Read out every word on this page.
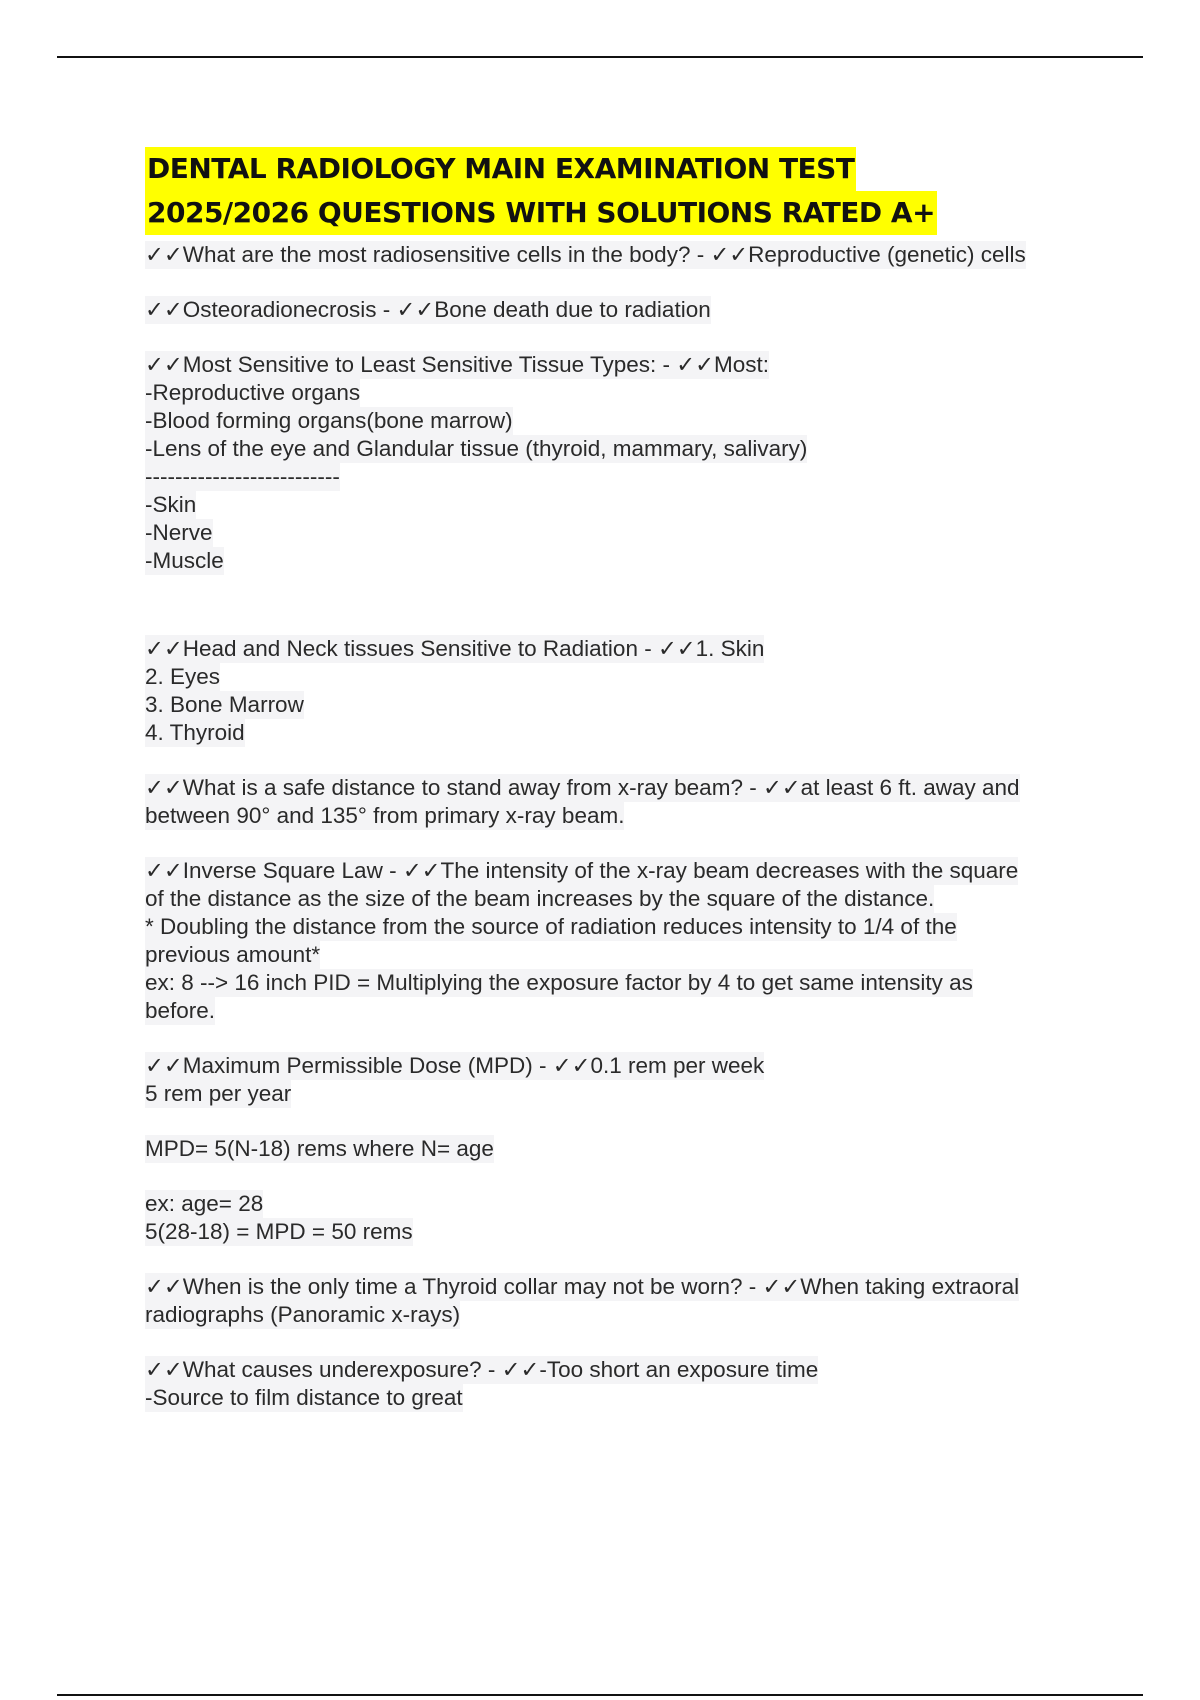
DENTAL RADIOLOGY MAIN EXAMINATION TEST
2025/2026 QUESTIONS WITH SOLUTIONS RATED A+
✓✓What are the most radiosensitive cells in the body? - ✓✓Reproductive (genetic) cells
✓✓Osteoradionecrosis - ✓✓Bone death due to radiation
✓✓Most Sensitive to Least Sensitive Tissue Types: - ✓✓Most:
-Reproductive organs
-Blood forming organs(bone marrow)
-Lens of the eye and Glandular tissue (thyroid, mammary, salivary)
--------------------------
-Skin
-Nerve
-Muscle
✓✓Head and Neck tissues Sensitive to Radiation - ✓✓1. Skin
2. Eyes
3. Bone Marrow
4. Thyroid
✓✓What is a safe distance to stand away from x-ray beam? - ✓✓at least 6 ft. away and
between 90° and 135° from primary x-ray beam.
✓✓Inverse Square Law - ✓✓The intensity of the x-ray beam decreases with the square
of the distance as the size of the beam increases by the square of the distance.
* Doubling the distance from the source of radiation reduces intensity to 1/4 of the
previous amount*
ex: 8 --> 16 inch PID = Multiplying the exposure factor by 4 to get same intensity as
before.
✓✓Maximum Permissible Dose (MPD) - ✓✓0.1 rem per week
5 rem per year
MPD= 5(N-18) rems where N= age
ex: age= 28
5(28-18) = MPD = 50 rems
✓✓When is the only time a Thyroid collar may not be worn? - ✓✓When taking extraoral
radiographs (Panoramic x-rays)
✓✓What causes underexposure? - ✓✓-Too short an exposure time
-Source to film distance to great
